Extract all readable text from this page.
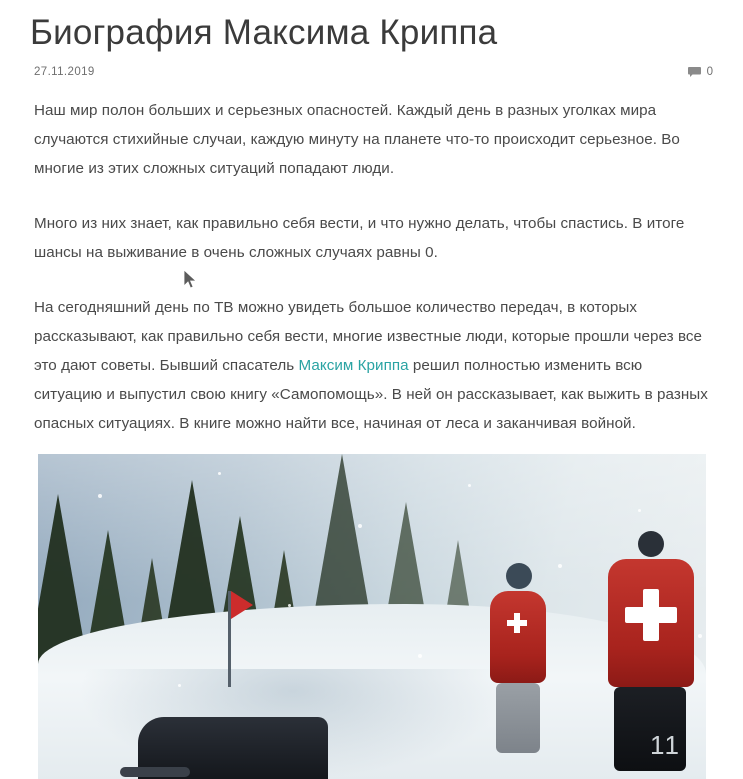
Биография Максима Криппа
27.11.2019	0

Наш мир полон больших и серьезных опасностей. Каждый день в разных уголках мира случаются стихийные случаи, каждую минуту на планете что-то происходит серьезное. Во многие из этих сложных ситуаций попадают люди.

Много из них знает, как правильно себя вести, и что нужно делать, чтобы спастись. В итоге шансы на выживание в очень сложных случаях равны 0.

На сегодняшний день по ТВ можно увидеть большое количество передач, в которых рассказывают, как правильно себя вести, многие известные люди, которые прошли через все это дают советы. Бывший спасатель Максим Криппа решил полностью изменить всю ситуацию и выпустил свою книгу «Самопомощь». В ней он рассказывает, как выжить в разных опасных ситуациях. В книге можно найти все, начиная от леса и заканчивая войной.

11
